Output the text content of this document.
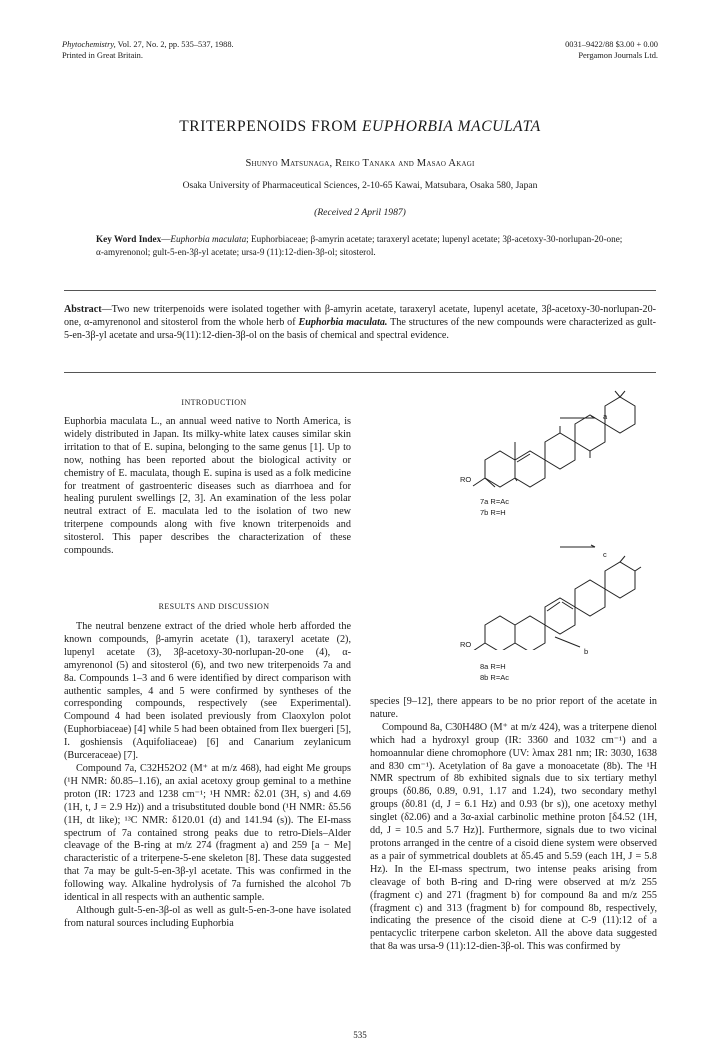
Phytochemistry, Vol. 27, No. 2, pp. 535–537, 1988.
Printed in Great Britain.
0031–9422/88 $3.00 + 0.00
Pergamon Journals Ltd.
TRITERPENOIDS FROM EUPHORBIA MACULATA
Shunyo Matsunaga, Reiko Tanaka and Masao Akagi
Osaka University of Pharmaceutical Sciences, 2-10-65 Kawai, Matsubara, Osaka 580, Japan
(Received 2 April 1987)
Key Word Index—Euphorbia maculata; Euphorbiaceae; β-amyrin acetate; taraxeryl acetate; lupenyl acetate; 3β-acetoxy-30-norlupan-20-one; α-amyrenonol; gult-5-en-3β-yl acetate; ursa-9 (11):12-dien-3β-ol; sitosterol.
Abstract—Two new triterpenoids were isolated together with β-amyrin acetate, taraxeryl acetate, lupenyl acetate, 3β-acetoxy-30-norlupan-20-one, α-amyrenonol and sitosterol from the whole herb of Euphorbia maculata. The structures of the new compounds were characterized as gult-5-en-3β-yl acetate and ursa-9(11):12-dien-3β-ol on the basis of chemical and spectral evidence.
INTRODUCTION

Euphorbia maculata L., an annual weed native to North America, is widely distributed in Japan. Its milky-white latex causes similar skin irritation to that of E. supina, belonging to the same genus [1]. Up to now, nothing has been reported about the biological activity or chemistry of E. maculata, though E. supina is used as a folk medicine for treatment of gastroenteric diseases such as diarrhoea and for healing purulent swellings [2, 3]. An examination of the less polar neutral extract of E. maculata led to the isolation of two new triterpene compounds along with five known triterpenoids and sitosterol. This paper describes the characterization of these compounds.

RESULTS AND DISCUSSION

The neutral benzene extract of the dried whole herb afforded the known compounds, β-amyrin acetate (1), taraxeryl acetate (2), lupenyl acetate (3), 3β-acetoxy-30-norlupan-20-one (4), α-amyrenonol (5) and sitosterol (6), and two new triterpenoids 7a and 8a. Compounds 1–3 and 6 were identified by direct comparison with authentic samples, 4 and 5 were confirmed by syntheses of the corresponding compounds, respectively (see Experimental). Compound 4 had been isolated previously from Claoxylon polot (Euphorbiaceae) [4] while 5 had been obtained from Ilex buergeri [5], I. goshiensis (Aquifoliaceae) [6] and Canarium zeylanicum (Burceraceae) [7].

Compound 7a, C32H52O2 (M⁺ at m/z 468), had eight Me groups (¹H NMR: δ0.85–1.16), an axial acetoxy group geminal to a methine proton (IR: 1723 and 1238 cm⁻¹; ¹H NMR: δ2.01 (3H, s) and 4.69 (1H, t, J = 2.9 Hz)) and a trisubstituted double bond (¹H NMR: δ5.56 (1H, dt like); ¹³C NMR: δ120.01 (d) and 141.94 (s)). The EI-mass spectrum of 7a contained strong peaks due to retro-Diels–Alder cleavage of the B-ring at m/z 274 (fragment a) and 259 [a − Me] characteristic of a triterpene-5-ene skeleton [8]. These data suggested that 7a may be gult-5-en-3β-yl acetate. This was confirmed in the following way. Alkaline hydrolysis of 7a furnished the alcohol 7b identical in all respects with an authentic sample.

Although gult-5-en-3β-ol as well as gult-5-en-3-one have isolated from natural sources including Euphorbia

RO
a
7a R=Ac
7b R=H
RO
c
b
8a R=H
8b R=Ac

species [9–12], there appears to be no prior report of the acetate in nature.

Compound 8a, C30H48O (M⁺ at m/z 424), was a triterpene dienol which had a hydroxyl group (IR: 3360 and 1032 cm⁻¹) and a homoannular diene chromophore (UV: λmax 281 nm; IR: 3030, 1638 and 830 cm⁻¹). Acetylation of 8a gave a monoacetate (8b). The ¹H NMR spectrum of 8b exhibited signals due to six tertiary methyl groups (δ0.86, 0.89, 0.91, 1.17 and 1.24), two secondary methyl groups (δ0.81 (d, J = 6.1 Hz) and 0.93 (br s)), one acetoxy methyl singlet (δ2.06) and a 3α-axial carbinolic methine proton [δ4.52 (1H, dd, J = 10.5 and 5.7 Hz)]. Furthermore, signals due to two vicinal protons arranged in the centre of a cisoid diene system were observed as a pair of symmetrical doublets at δ5.45 and 5.59 (each 1H, J = 5.8 Hz). In the EI-mass spectrum, two intense peaks arising from cleavage of both B-ring and D-ring were observed at m/z 255 (fragment c) and 271 (fragment b) for compound 8a and m/z 255 (fragment c) and 313 (fragment b) for compound 8b, respectively, indicating the presence of the cisoid diene at C-9 (11):12 of a pentacyclic triterpene carbon skeleton. All the above data suggested that 8a was ursa-9 (11):12-dien-3β-ol. This was confirmed by

535
